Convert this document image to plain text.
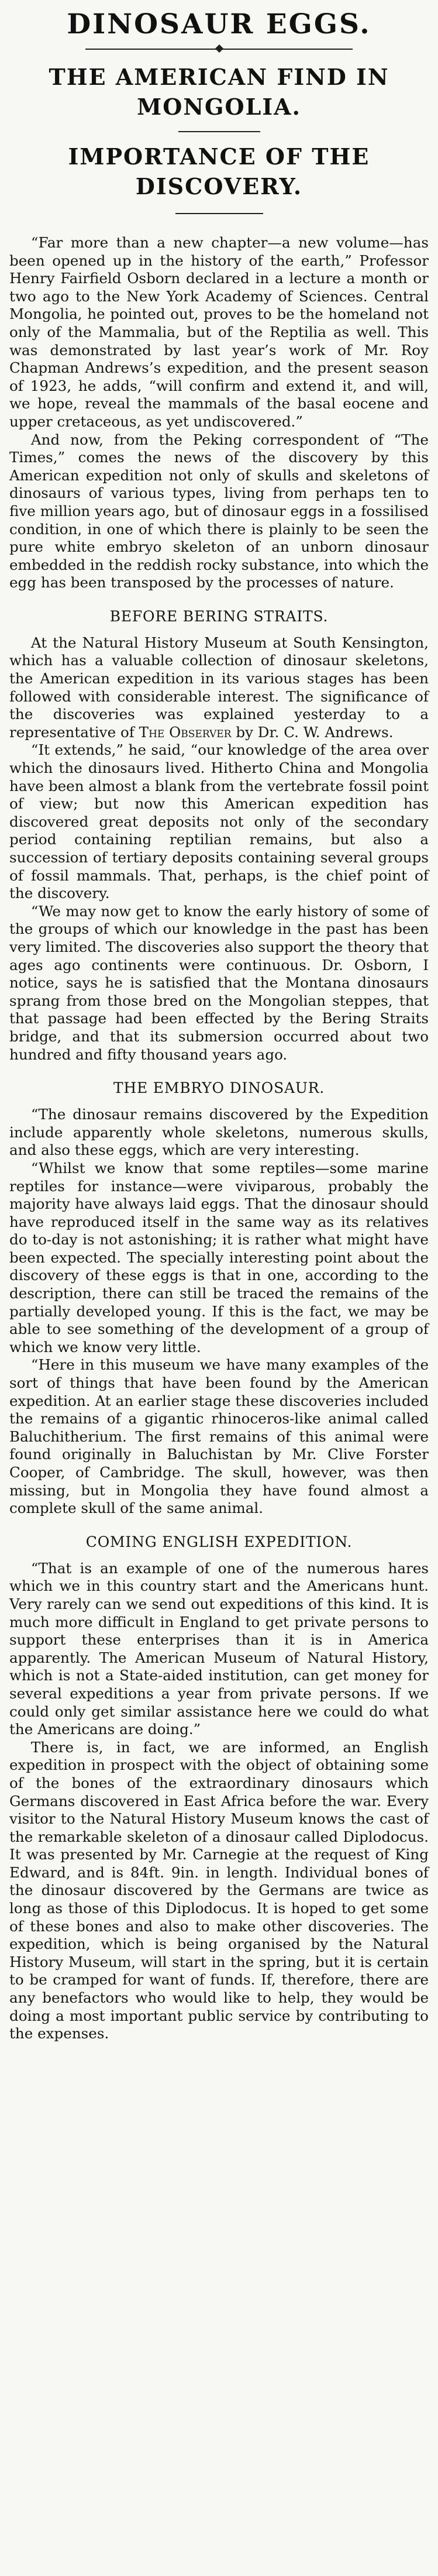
DINOSAUR EGGS.
THE AMERICAN FIND IN MONGOLIA.
IMPORTANCE OF THE DISCOVERY.

“Far more than a new chapter—a new volume—has been opened up in the history of the earth,” Professor Henry Fairfield Osborn declared in a lecture a month or two ago to the New York Academy of Sciences. Central Mongolia, he pointed out, proves to be the homeland not only of the Mammalia, but of the Reptilia as well. This was demonstrated by last year’s work of Mr. Roy Chapman Andrews’s expedition, and the present season of 1923, he adds, “will confirm and extend it, and will, we hope, reveal the mammals of the basal eocene and upper cretaceous, as yet undiscovered.”

And now, from the Peking correspondent of “The Times,” comes the news of the discovery by this American expedition not only of skulls and skeletons of dinosaurs of various types, living from perhaps ten to five million years ago, but of dinosaur eggs in a fossilised condition, in one of which there is plainly to be seen the pure white embryo skeleton of an unborn dinosaur embedded in the reddish rocky substance, into which the egg has been transposed by the processes of nature.

BEFORE BERING STRAITS.

At the Natural History Museum at South Kensington, which has a valuable collection of dinosaur skeletons, the American expedition in its various stages has been followed with considerable interest. The significance of the discoveries was explained yesterday to a representative of The Observer by Dr. C. W. Andrews.

“It extends,” he said, “our knowledge of the area over which the dinosaurs lived. Hitherto China and Mongolia have been almost a blank from the vertebrate fossil point of view; but now this American expedition has discovered great deposits not only of the secondary period containing reptilian remains, but also a succession of tertiary deposits containing several groups of fossil mammals. That, perhaps, is the chief point of the discovery.

“We may now get to know the early history of some of the groups of which our knowledge in the past has been very limited. The discoveries also support the theory that ages ago continents were continuous. Dr. Osborn, I notice, says he is satisfied that the Montana dinosaurs sprang from those bred on the Mongolian steppes, that that passage had been effected by the Bering Straits bridge, and that its submersion occurred about two hundred and fifty thousand years ago.

THE EMBRYO DINOSAUR.

“The dinosaur remains discovered by the Expedition include apparently whole skeletons, numerous skulls, and also these eggs, which are very interesting.

“Whilst we know that some reptiles—some marine reptiles for instance—were viviparous, probably the majority have always laid eggs. That the dinosaur should have reproduced itself in the same way as its relatives do to-day is not astonishing; it is rather what might have been expected. The specially interesting point about the discovery of these eggs is that in one, according to the description, there can still be traced the remains of the partially developed young. If this is the fact, we may be able to see something of the development of a group of which we know very little.

“Here in this museum we have many examples of the sort of things that have been found by the American expedition. At an earlier stage these discoveries included the remains of a gigantic rhinoceros-like animal called Baluchitherium. The first remains of this animal were found originally in Baluchistan by Mr. Clive Forster Cooper, of Cambridge. The skull, however, was then missing, but in Mongolia they have found almost a complete skull of the same animal.

COMING ENGLISH EXPEDITION.

“That is an example of one of the numerous hares which we in this country start and the Americans hunt. Very rarely can we send out expeditions of this kind. It is much more difficult in England to get private persons to support these enterprises than it is in America apparently. The American Museum of Natural History, which is not a State-aided institution, can get money for several expeditions a year from private persons. If we could only get similar assistance here we could do what the Americans are doing.”

There is, in fact, we are informed, an English expedition in prospect with the object of obtaining some of the bones of the extraordinary dinosaurs which Germans discovered in East Africa before the war. Every visitor to the Natural History Museum knows the cast of the remarkable skeleton of a dinosaur called Diplodocus. It was presented by Mr. Carnegie at the request of King Edward, and is 84ft. 9in. in length. Individual bones of the dinosaur discovered by the Germans are twice as long as those of this Diplodocus. It is hoped to get some of these bones and also to make other discoveries. The expedition, which is being organised by the Natural History Museum, will start in the spring, but it is certain to be cramped for want of funds. If, therefore, there are any benefactors who would like to help, they would be doing a most important public service by contributing to the expenses.
